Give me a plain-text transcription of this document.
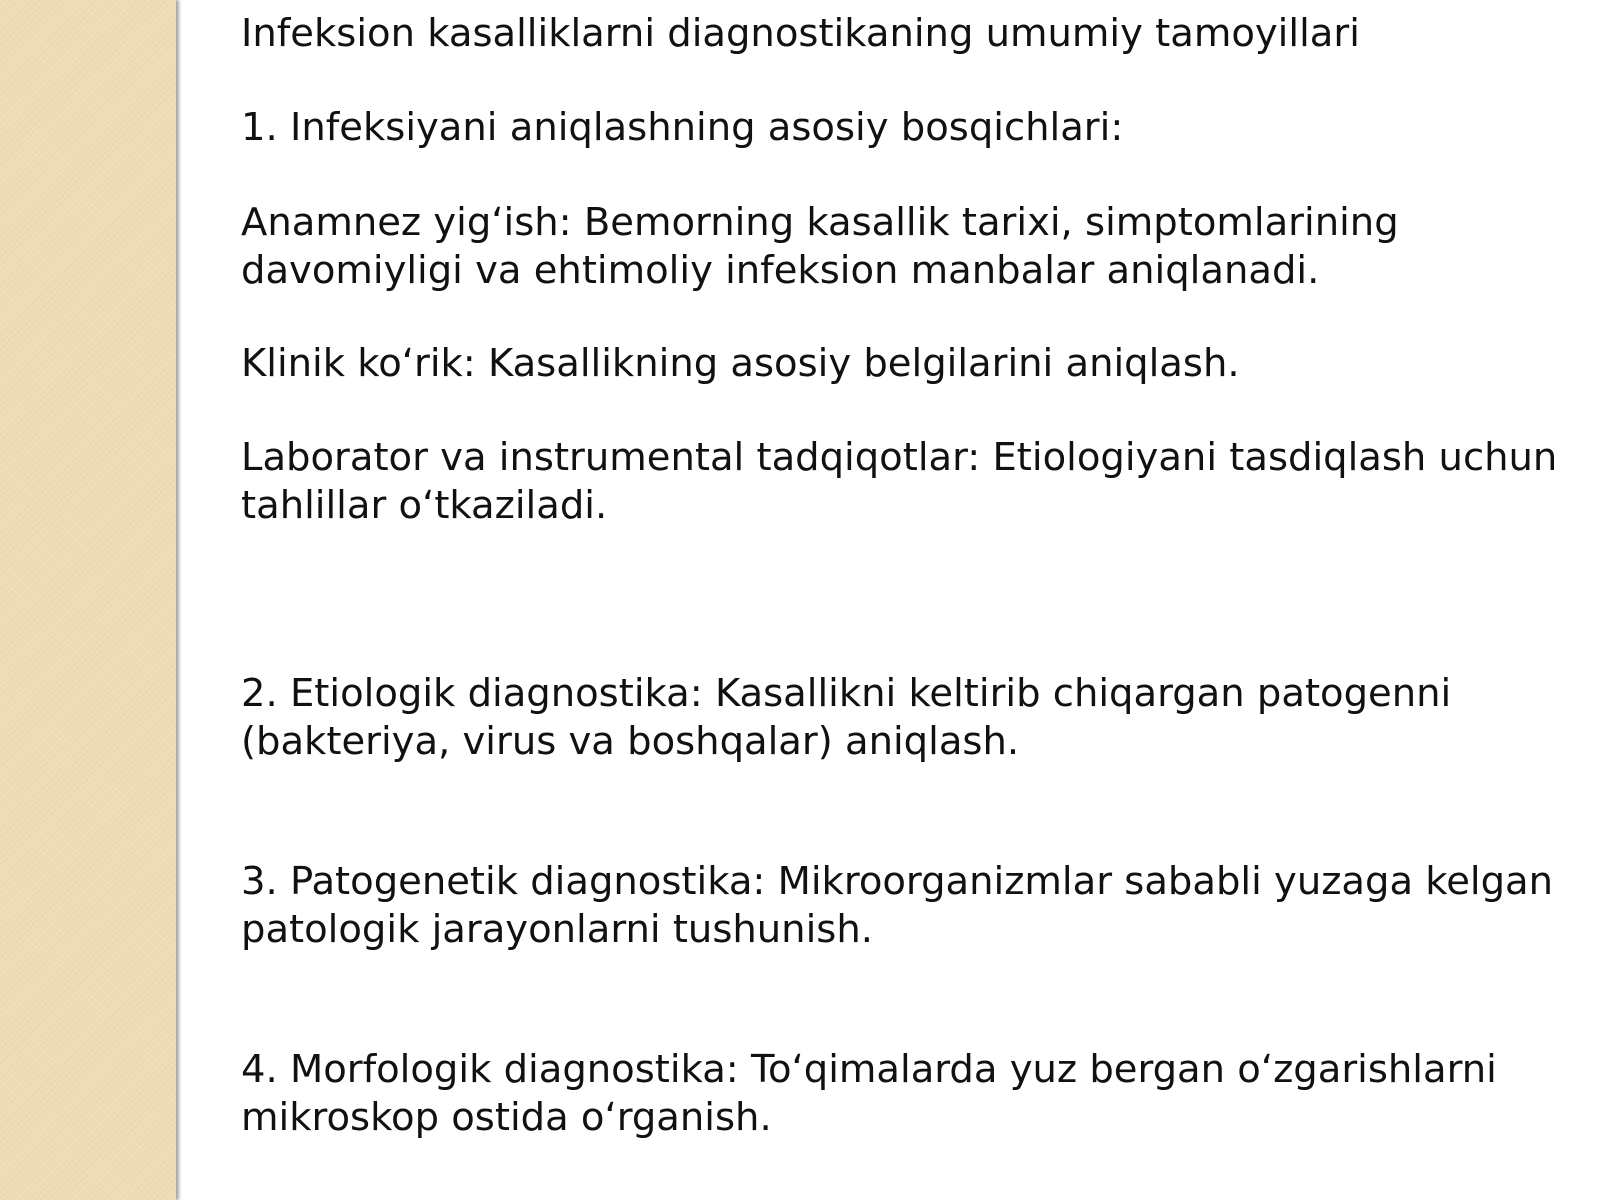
Infeksion kasalliklarni diagnostikaning umumiy tamoyillari

1. Infeksiyani aniqlashning asosiy bosqichlari:

Anamnez yig‘ish: Bemorning kasallik tarixi, simptomlarining
davomiyligi va ehtimoliy infeksion manbalar aniqlanadi.

Klinik ko‘rik: Kasallikning asosiy belgilarini aniqlash.

Laborator va instrumental tadqiqotlar: Etiologiyani tasdiqlash uchun
tahlillar o‘tkaziladi.

2. Etiologik diagnostika: Kasallikni keltirib chiqargan patogenni
(bakteriya, virus va boshqalar) aniqlash.

3. Patogenetik diagnostika: Mikroorganizmlar sababli yuzaga kelgan
patologik jarayonlarni tushunish.

4. Morfologik diagnostika: To‘qimalarda yuz bergan o‘zgarishlarni
mikroskop ostida o‘rganish.
